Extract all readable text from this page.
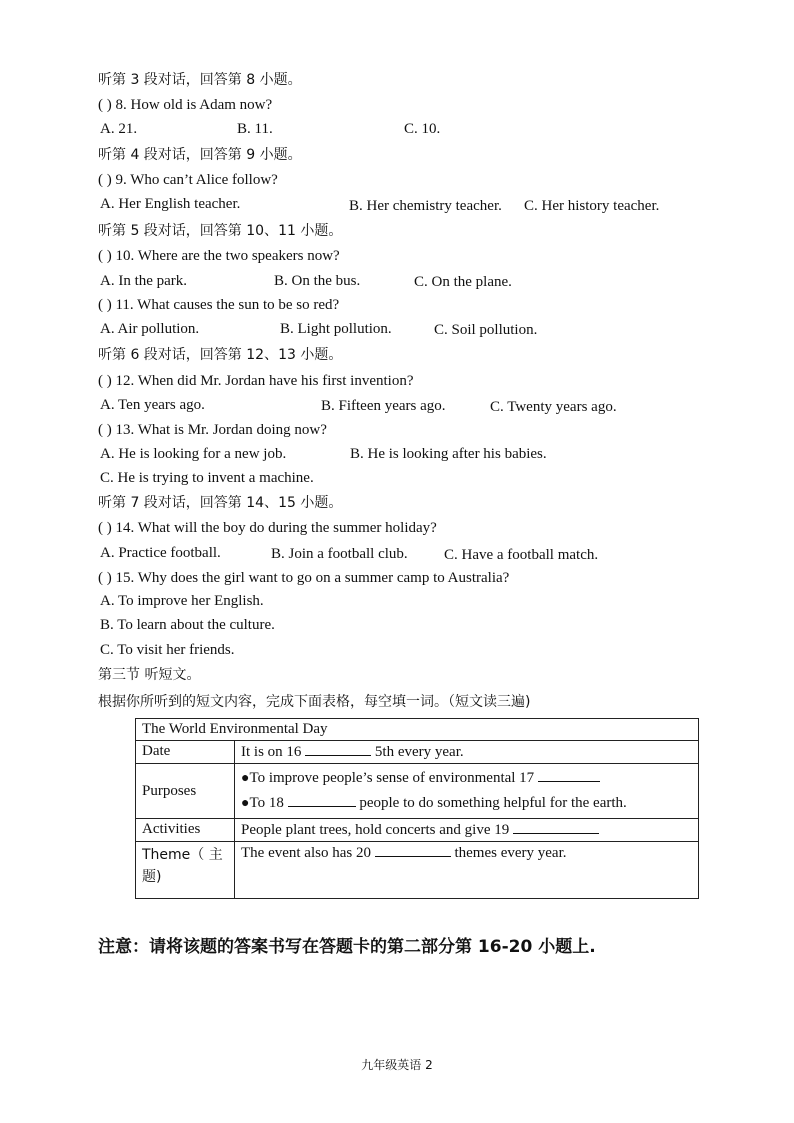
听第 3 段对话，回答第 8 小题。
( ) 8. How old is Adam now?
A. 21.	B. 11.	C. 10.
听第 4 段对话，回答第 9 小题。
( ) 9. Who can’t Alice follow?
A. Her English teacher.	B. Her chemistry teacher. C. Her history teacher.
听第 5 段对话，回答第 10、11 小题。
( ) 10. Where are the two speakers now?
A. In the park.	B. On the bus.	C. On the plane.
( ) 11. What causes the sun to be so red?
A. Air pollution.	B. Light pollution.	C. Soil pollution.
听第 6 段对话，回答第 12、13 小题。
( ) 12. When did Mr. Jordan have his first invention?
A. Ten years ago.	B. Fifteen years ago.	C. Twenty years ago.
( ) 13. What is Mr. Jordan doing now?
A. He is looking for a new job.	B. He is looking after his babies.
C. He is trying to invent a machine.
听第 7 段对话，回答第 14、15 小题。
( ) 14. What will the boy do during the summer holiday?
A. Practice football.	B. Join a football club. C. Have a football match.
( ) 15. Why does the girl want to go on a summer camp to Australia?
A. To improve her English.
B. To learn about the culture.
C. To visit her friends.
第三节 听短文。
根据你所听到的短文内容，完成下面表格，每空填一词。（短文读三遍)
The World Environmental Day	
Date	It is on 16 5th every year.
Purposes	●To improve people’s sense of environmental 17
●To 18 people to do something helpful for the earth.

Activities	People plant trees, hold concerts and give 19
Theme（ 主题)	The event also has 20 themes every year.
注意：请将该题的答案书写在答题卡的第二部分第 16-20 小题上.
九年级英语 2
